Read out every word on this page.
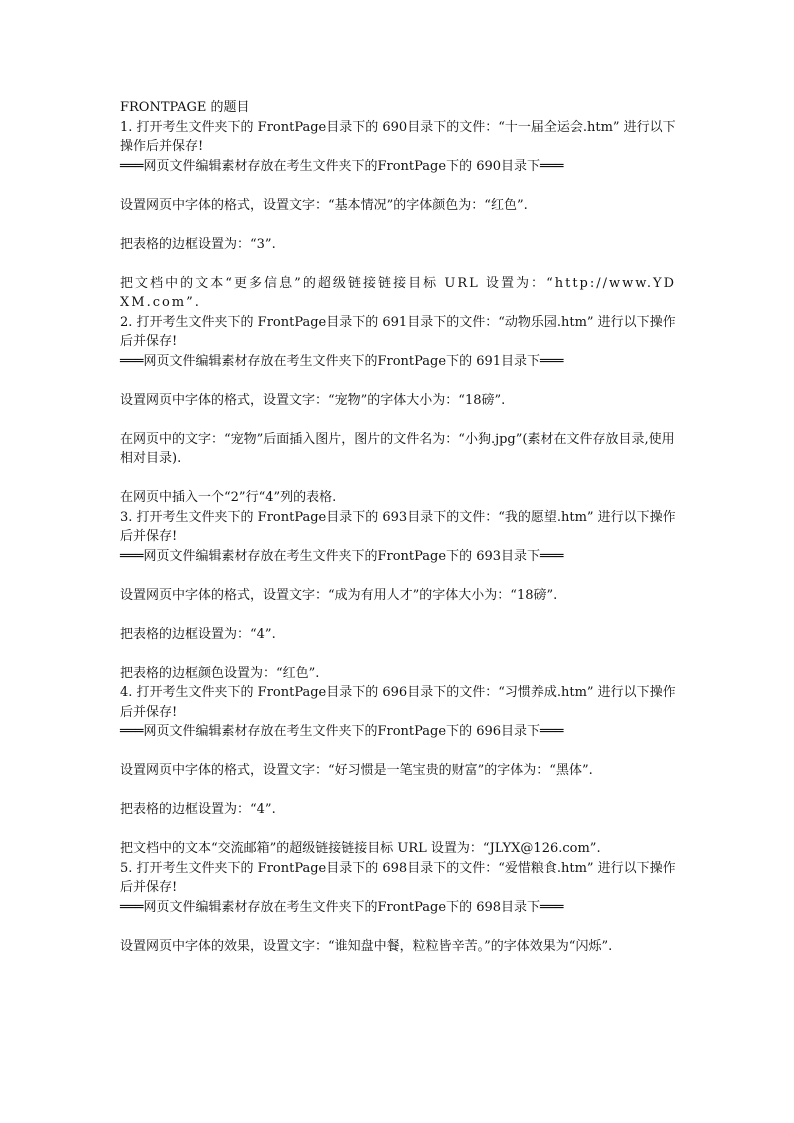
FRONTPAGE 的题目

1. 打开考生文件夹下的 FrontPage目录下的 690目录下的文件：“十一届全运会.htm” 进行以下操作后并保存!

═══网页文件编辑素材存放在考生文件夹下的FrontPage下的 690目录下═══

设置网页中字体的格式，设置文字：“基本情况”的字体颜色为：“红色”.

把表格的边框设置为：“3”.

把文档中的文本“更多信息”的超级链接链接目标 URL 设置为：“http://www.YDXM.com”.

2. 打开考生文件夹下的 FrontPage目录下的 691目录下的文件：“动物乐园.htm” 进行以下操作后并保存!

═══网页文件编辑素材存放在考生文件夹下的FrontPage下的 691目录下═══

设置网页中字体的格式，设置文字：“宠物”的字体大小为：“18磅”.

在网页中的文字：“宠物”后面插入图片，图片的文件名为：“小狗.jpg”(素材在文件存放目录,使用相对目录).

在网页中插入一个“2”行“4”列的表格.

3. 打开考生文件夹下的 FrontPage目录下的 693目录下的文件：“我的愿望.htm” 进行以下操作后并保存!

═══网页文件编辑素材存放在考生文件夹下的FrontPage下的 693目录下═══

设置网页中字体的格式，设置文字：“成为有用人才”的字体大小为：“18磅”.

把表格的边框设置为：“4”.

把表格的边框颜色设置为：“红色”.

4. 打开考生文件夹下的 FrontPage目录下的 696目录下的文件：“习惯养成.htm” 进行以下操作后并保存!

═══网页文件编辑素材存放在考生文件夹下的FrontPage下的 696目录下═══

设置网页中字体的格式，设置文字：“好习惯是一笔宝贵的财富”的字体为：“黑体”.

把表格的边框设置为：“4”.

把文档中的文本“交流邮箱”的超级链接链接目标 URL 设置为：“JLYX@126.com”.

5. 打开考生文件夹下的 FrontPage目录下的 698目录下的文件：“爱惜粮食.htm” 进行以下操作后并保存!

═══网页文件编辑素材存放在考生文件夹下的FrontPage下的 698目录下═══

设置网页中字体的效果，设置文字：“谁知盘中餐，粒粒皆辛苦。”的字体效果为“闪烁”.
